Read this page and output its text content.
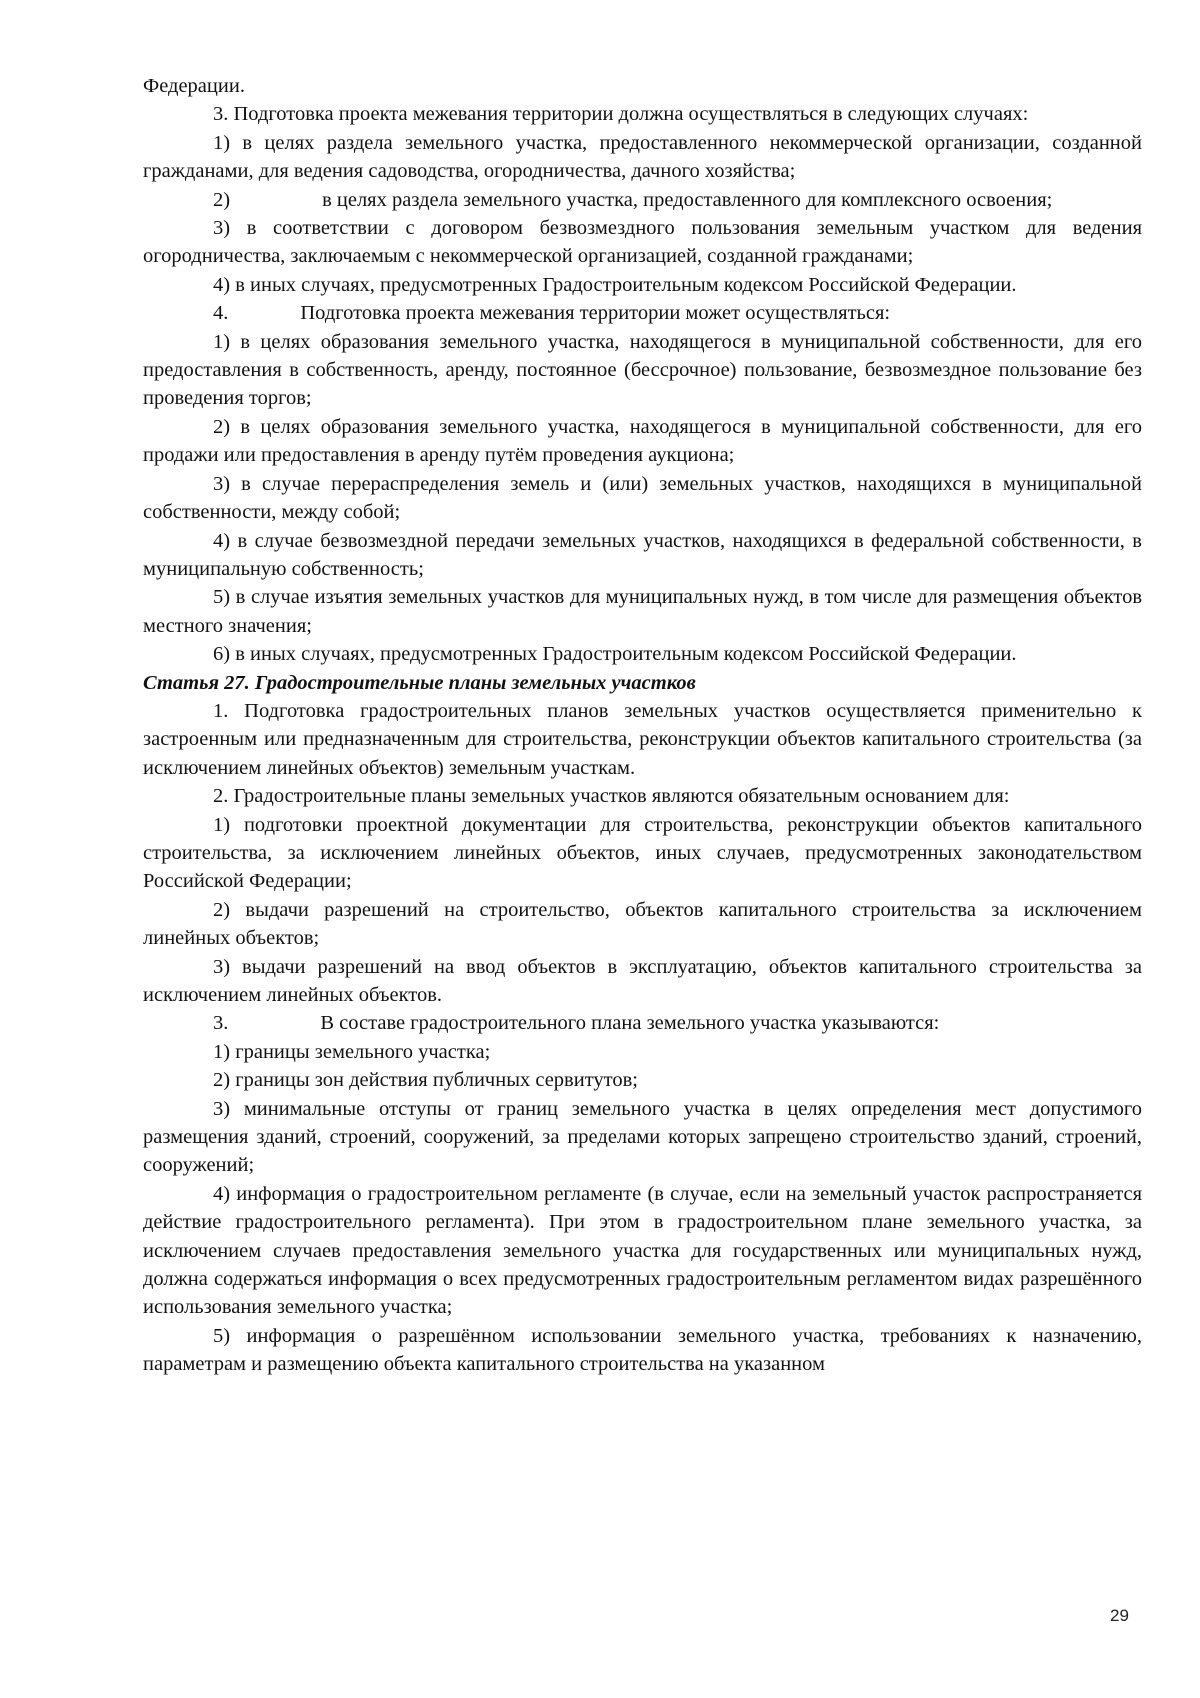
Федерации.

3. Подготовка проекта межевания территории должна осуществляться в следующих случаях:

1) в целях раздела земельного участка, предоставленного некоммерческой организации, созданной гражданами, для ведения садоводства, огородничества, дачного хозяйства;

2)	в целях раздела земельного участка, предоставленного для комплексного освоения;

3) в соответствии с договором безвозмездного пользования земельным участком для ведения огородничества, заключаемым с некоммерческой организацией, созданной гражданами;

4) в иных случаях, предусмотренных Градостроительным кодексом Российской Федерации.

4.	Подготовка проекта межевания территории может осуществляться:

1) в целях образования земельного участка, находящегося в муниципальной собственности, для его предоставления в собственность, аренду, постоянное (бессрочное) пользование, безвозмездное пользование без проведения торгов;

2) в целях образования земельного участка, находящегося в муниципальной собственности, для его продажи или предоставления в аренду путём проведения аукциона;

3) в случае перераспределения земель и (или) земельных участков, находящихся в муниципальной собственности, между собой;

4) в случае безвозмездной передачи земельных участков, находящихся в федеральной собственности, в муниципальную собственность;

5) в случае изъятия земельных участков для муниципальных нужд, в том числе для размещения объектов местного значения;

6) в иных случаях, предусмотренных Градостроительным кодексом Российской Федерации.

Статья 27. Градостроительные планы земельных участков

1. Подготовка градостроительных планов земельных участков осуществляется применительно к застроенным или предназначенным для строительства, реконструкции объектов капитального строительства (за исключением линейных объектов) земельным участкам.

2. Градостроительные планы земельных участков являются обязательным основанием для:

1) подготовки проектной документации для строительства, реконструкции объектов капитального строительства, за исключением линейных объектов, иных случаев, предусмотренных законодательством Российской Федерации;

2) выдачи разрешений на строительство, объектов капитального строительства за исключением линейных объектов;

3) выдачи разрешений на ввод объектов в эксплуатацию, объектов капитального строительства за исключением линейных объектов.

3.	В составе градостроительного плана земельного участка указываются:

1) границы земельного участка;

2) границы зон действия публичных сервитутов;

3) минимальные отступы от границ земельного участка в целях определения мест допустимого размещения зданий, строений, сооружений, за пределами которых запрещено строительство зданий, строений, сооружений;

4) информация о градостроительном регламенте (в случае, если на земельный участок распространяется действие градостроительного регламента). При этом в градостроительном плане земельного участка, за исключением случаев предоставления земельного участка для государственных или муниципальных нужд, должна содержаться информация о всех предусмотренных градостроительным регламентом видах разрешённого использования земельного участка;

5) информация о разрешённом использовании земельного участка, требованиях к назначению, параметрам и размещению объекта капитального строительства на указанном

29
